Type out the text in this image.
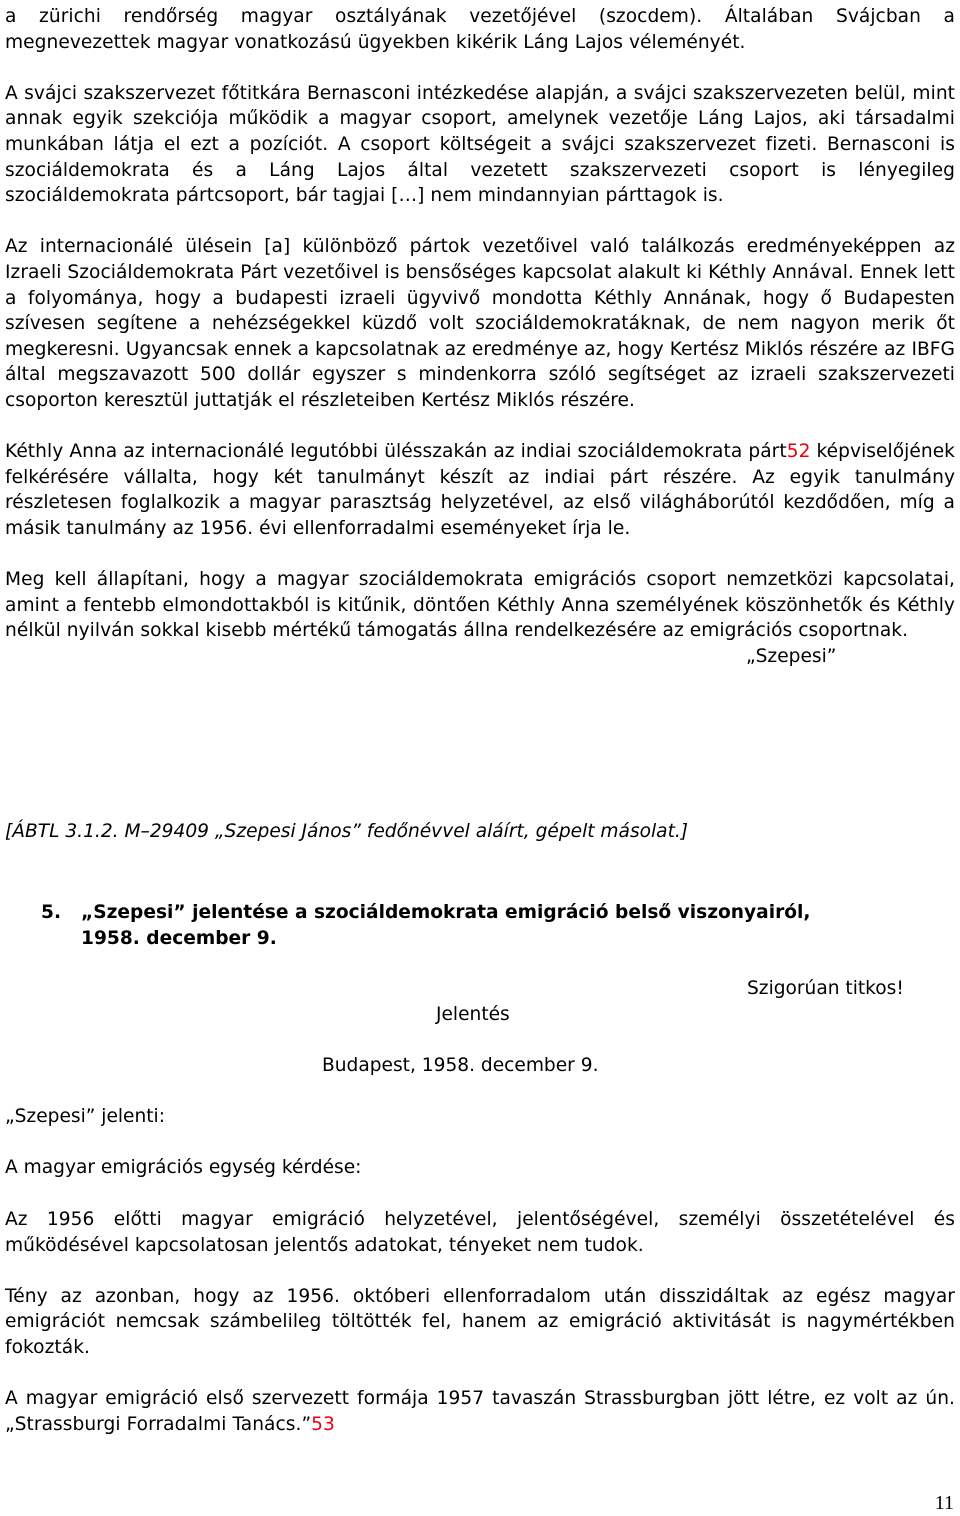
a zürichi rendőrség magyar osztályának vezetőjével (szocdem). Általában Svájcban a megnevezettek magyar vonatkozású ügyekben kikérik Láng Lajos véleményét.

A svájci szakszervezet főtitkára Bernasconi intézkedése alapján, a svájci szakszervezeten belül, mint annak egyik szekciója működik a magyar csoport, amelynek vezetője Láng Lajos, aki társadalmi munkában látja el ezt a pozíciót. A csoport költségeit a svájci szakszervezet fizeti. Bernasconi is szociáldemokrata és a Láng Lajos által vezetett szakszervezeti csoport is lényegileg szociáldemokrata pártcsoport, bár tagjai […] nem mindannyian párttagok is.

Az internacionálé ülésein [a] különböző pártok vezetőivel való találkozás eredményeképpen az Izraeli Szociáldemokrata Párt vezetőivel is bensőséges kapcsolat alakult ki Kéthly Annával. Ennek lett a folyománya, hogy a budapesti izraeli ügyvivő mondotta Kéthly Annának, hogy ő Budapesten szívesen segítene a nehézségekkel küzdő volt szociáldemokratáknak, de nem nagyon merik őt megkeresni. Ugyancsak ennek a kapcsolatnak az eredménye az, hogy Kertész Miklós részére az IBFG által megszavazott 500 dollár egyszer s mindenkorra szóló segítséget az izraeli szakszervezeti csoporton keresztül juttatják el részleteiben Kertész Miklós részére.

Kéthly Anna az internacionálé legutóbbi ülésszakán az indiai szociáldemokrata párt52 képviselőjének felkérésére vállalta, hogy két tanulmányt készít az indiai párt részére. Az egyik tanulmány részletesen foglalkozik a magyar parasztság helyzetével, az első világháborútól kezdődően, míg a másik tanulmány az 1956. évi ellenforradalmi eseményeket írja le.

Meg kell állapítani, hogy a magyar szociáldemokrata emigrációs csoport nemzetközi kapcsolatai, amint a fentebb elmondottakból is kitűnik, döntően Kéthly Anna személyének köszönhetők és Kéthly nélkül nyilván sokkal kisebb mértékű támogatás állna rendelkezésére az emigrációs csoportnak.

„Szepesi”

[ÁBTL 3.1.2. M–29409 „Szepesi János” fedőnévvel aláírt, gépelt másolat.]

5. „Szepesi” jelentése a szociáldemokrata emigráció belső viszonyairól,
1958. december 9.

Szigorúan titkos!

Jelentés

Budapest, 1958. december 9.

„Szepesi” jelenti:

A magyar emigrációs egység kérdése:

Az 1956 előtti magyar emigráció helyzetével, jelentőségével, személyi összetételével és működésével kapcsolatosan jelentős adatokat, tényeket nem tudok.

Tény az azonban, hogy az 1956. októberi ellenforradalom után disszidáltak az egész magyar emigrációt nemcsak számbelileg töltötték fel, hanem az emigráció aktivitását is nagymértékben fokozták.

A magyar emigráció első szervezett formája 1957 tavaszán Strassburgban jött létre, ez volt az ún. „Strassburgi Forradalmi Tanács.”53

11
